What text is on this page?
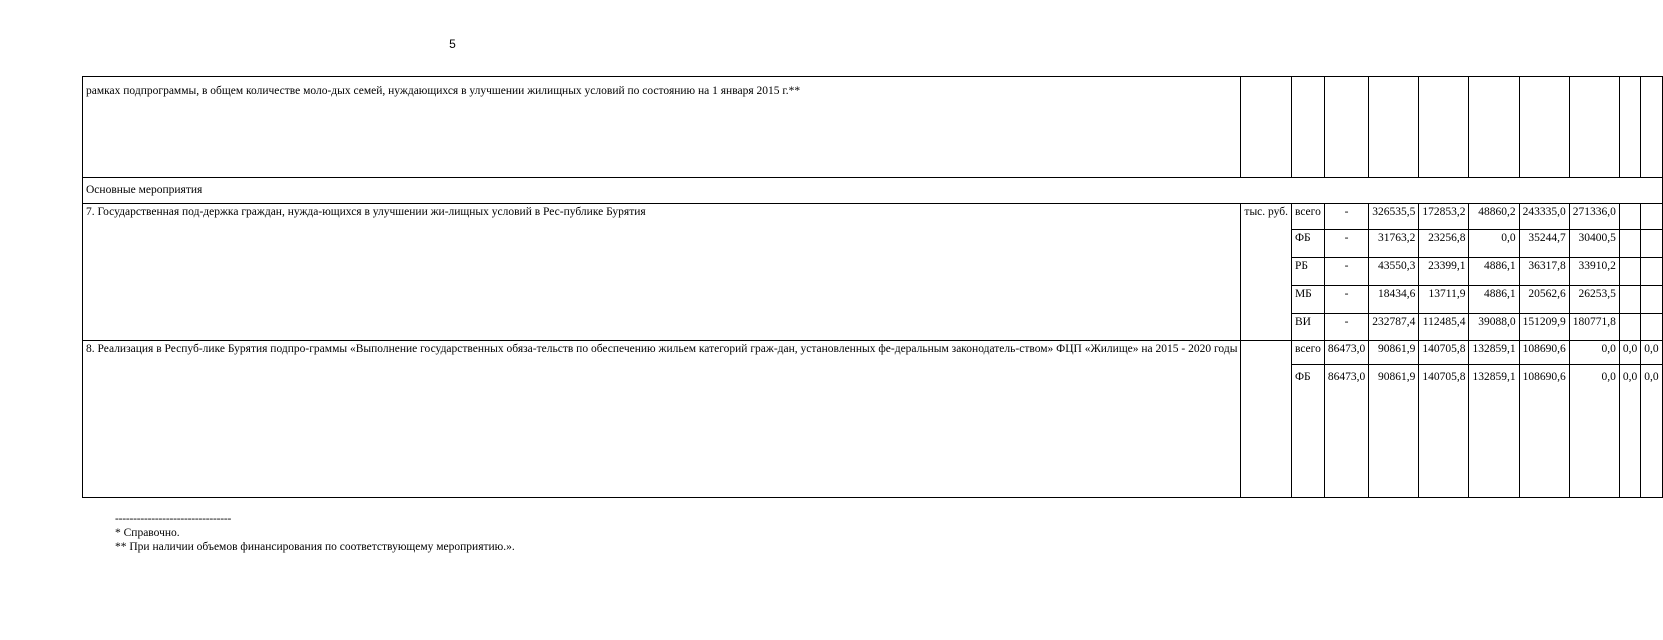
5
рамках подпрограммы, в общем количестве моло-дых семей, нуждающихся в улучшении жилищных условий по состоянию на 1 января 2015 г.**										
Основные мероприятия										
7. Государственная под-держка граждан, нужда-ющихся в улучшении жи-лищных условий в Рес-публике Бурятия	тыс. руб.	всего	-	326535,5	172853,2	48860,2	243335,0	271336,0		
		ФБ	-	31763,2	23256,8	0,0	35244,7	30400,5		
		РБ	-	43550,3	23399,1	4886,1	36317,8	33910,2		
		МБ	-	18434,6	13711,9	4886,1	20562,6	26253,5		
		ВИ	-	232787,4	112485,4	39088,0	151209,9	180771,8		
8. Реализация в Респуб-лике Бурятия подпро-граммы «Выполнение государственных обяза-тельств по обеспечению жильем категорий граж-дан, установленных фе-деральным законодатель-ством» ФЦП «Жилище» на 2015 - 2020 годы		всего	86473,0	90861,9	140705,8	132859,1	108690,6	0,0	0,0	0,0
		ФБ	86473,0	90861,9	140705,8	132859,1	108690,6	0,0	0,0	0,0
--------------------------------
* Справочно.
** При наличии объемов финансирования по соответствующему мероприятию.».
